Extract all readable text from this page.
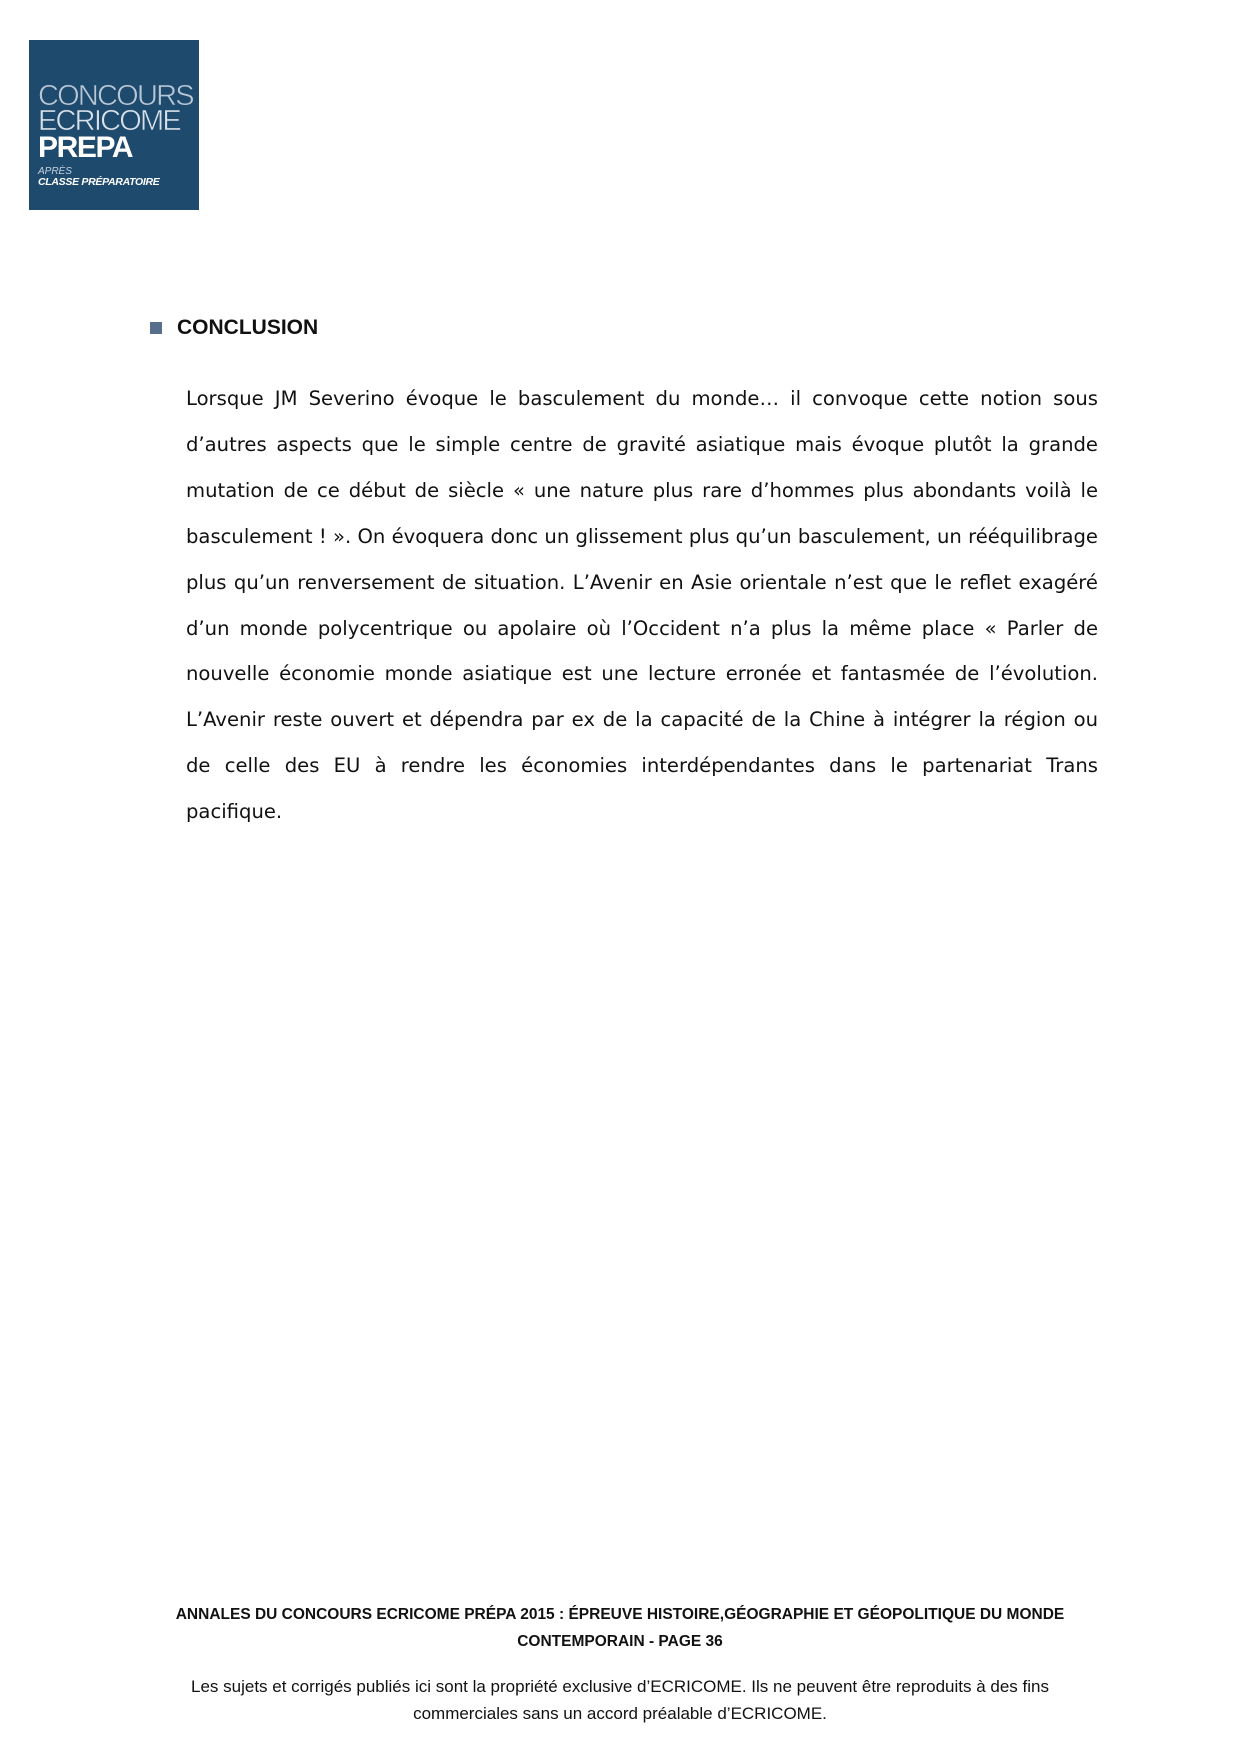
CONCOURS
ECRICOME
PREPA
APRÈS
CLASSE PRÉPARATOIRE
CONCLUSION
Lorsque JM Severino évoque le basculement du monde… il convoque cette notion sous d’autres aspects que le simple centre de gravité asiatique mais évoque plutôt la grande mutation de ce début de siècle « une nature plus rare d’hommes plus abondants voilà le basculement ! ». On évoquera donc un glissement plus qu’un basculement, un rééquilibrage plus qu’un renversement de situation. L’Avenir en Asie orientale n’est que le reflet exagéré d’un monde polycentrique ou apolaire où l’Occident n’a plus la même place « Parler de nouvelle économie monde asiatique est une lecture erronée et fantasmée de l’évolution. L’Avenir reste ouvert et dépendra par ex de la capacité de la Chine à intégrer la région ou de celle des EU à rendre les économies interdépendantes dans le partenariat Trans pacifique.
ANNALES DU CONCOURS ECRICOME PRÉPA 2015 : ÉPREUVE HISTOIRE,GÉOGRAPHIE ET GÉOPOLITIQUE DU MONDE CONTEMPORAIN - PAGE 36
Les sujets et corrigés publiés ici sont la propriété exclusive d’ECRICOME. Ils ne peuvent être reproduits à des fins commerciales sans un accord préalable d’ECRICOME.
